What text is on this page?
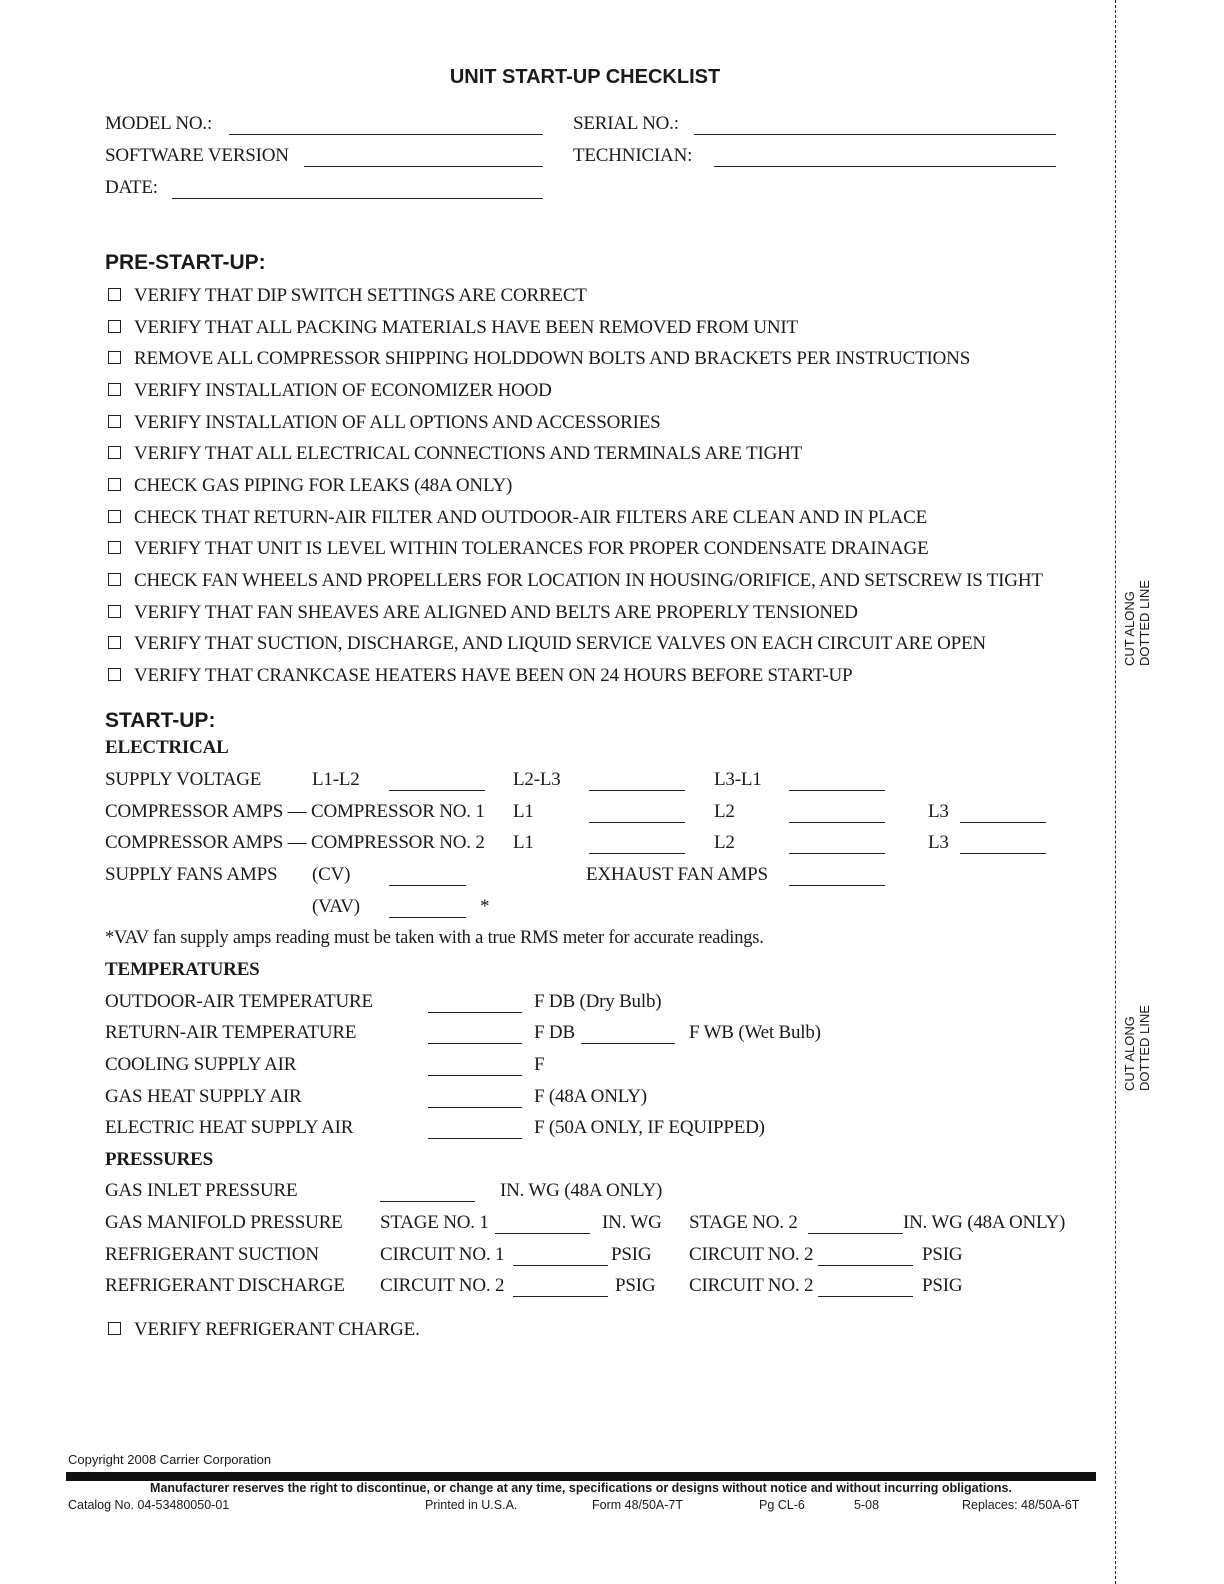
UNIT START-UP CHECKLIST
MODEL NO.:	SERIAL NO.:
SOFTWARE VERSION	TECHNICIAN:
DATE:
PRE-START-UP:
VERIFY THAT DIP SWITCH SETTINGS ARE CORRECT
VERIFY THAT ALL PACKING MATERIALS HAVE BEEN REMOVED FROM UNIT
REMOVE ALL COMPRESSOR SHIPPING HOLDDOWN BOLTS AND BRACKETS PER INSTRUCTIONS
VERIFY INSTALLATION OF ECONOMIZER HOOD
VERIFY INSTALLATION OF ALL OPTIONS AND ACCESSORIES
VERIFY THAT ALL ELECTRICAL CONNECTIONS AND TERMINALS ARE TIGHT
CHECK GAS PIPING FOR LEAKS (48A ONLY)
CHECK THAT RETURN-AIR FILTER AND OUTDOOR-AIR FILTERS ARE CLEAN AND IN PLACE
VERIFY THAT UNIT IS LEVEL WITHIN TOLERANCES FOR PROPER CONDENSATE DRAINAGE
CHECK FAN WHEELS AND PROPELLERS FOR LOCATION IN HOUSING/ORIFICE, AND SETSCREW IS TIGHT
VERIFY THAT FAN SHEAVES ARE ALIGNED AND BELTS ARE PROPERLY TENSIONED
VERIFY THAT SUCTION, DISCHARGE, AND LIQUID SERVICE VALVES ON EACH CIRCUIT ARE OPEN
VERIFY THAT CRANKCASE HEATERS HAVE BEEN ON 24 HOURS BEFORE START-UP
START-UP:
ELECTRICAL
SUPPLY VOLTAGE	L1-L2	L2-L3	L3-L1
COMPRESSOR AMPS — COMPRESSOR NO. 1 L1	L2	L3
COMPRESSOR AMPS — COMPRESSOR NO. 2 L1	L2	L3
SUPPLY FANS AMPS (CV)	EXHAUST FAN AMPS
(VAV)	*
*VAV fan supply amps reading must be taken with a true RMS meter for accurate readings.
TEMPERATURES
OUTDOOR-AIR TEMPERATURE	F DB (Dry Bulb)
RETURN-AIR TEMPERATURE	F DB	F WB (Wet Bulb)
COOLING SUPPLY AIR	F
GAS HEAT SUPPLY AIR	F (48A ONLY)
ELECTRIC HEAT SUPPLY AIR	F (50A ONLY, IF EQUIPPED)
PRESSURES
GAS INLET PRESSURE	IN. WG (48A ONLY)
GAS MANIFOLD PRESSURE STAGE NO. 1	IN. WG STAGE NO. 2	IN. WG (48A ONLY)
REFRIGERANT SUCTION	CIRCUIT NO. 1	PSIG CIRCUIT NO. 2	PSIG
REFRIGERANT DISCHARGE CIRCUIT NO. 2	PSIG CIRCUIT NO. 2	PSIG
VERIFY REFRIGERANT CHARGE.
CUT ALONG DOTTED LINE
CUT ALONG DOTTED LINE
Copyright 2008 Carrier Corporation
Manufacturer reserves the right to discontinue, or change at any time, specifications or designs without notice and without incurring obligations.
Catalog No. 04-53480050-01	Printed in U.S.A.	Form 48/50A-7T	Pg CL-6	5-08	Replaces: 48/50A-6T
